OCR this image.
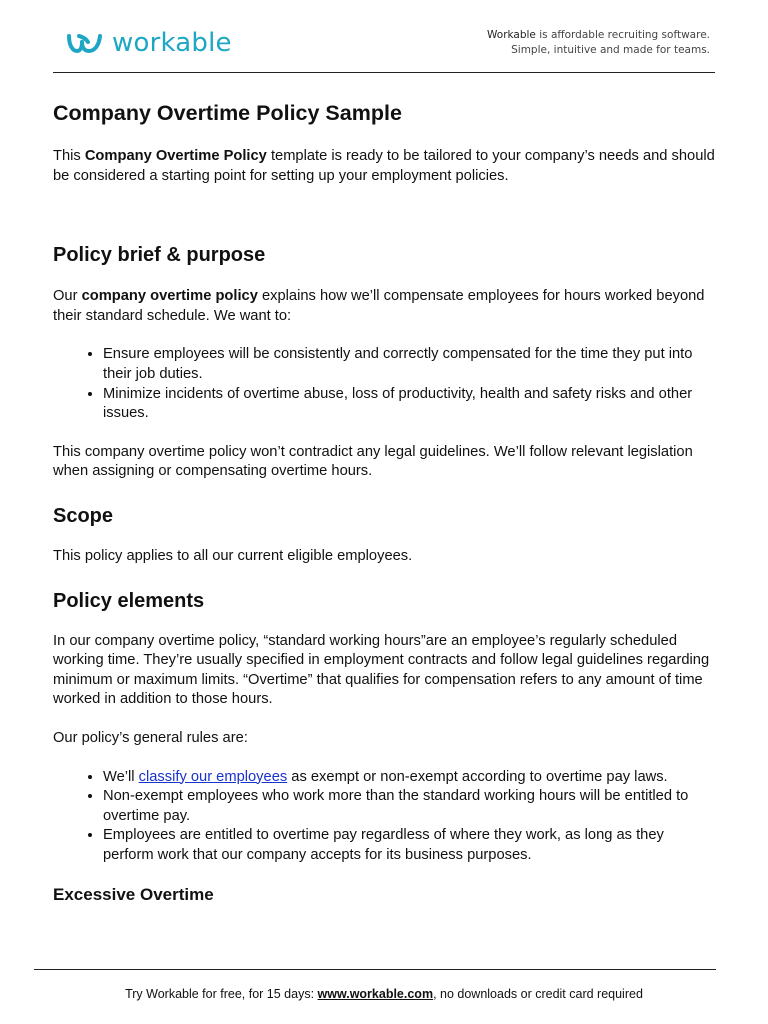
workable	Workable is affordable recruiting software.
Simple, intuitive and made for teams.
Company Overtime Policy Sample

This Company Overtime Policy template is ready to be tailored to your company’s needs and should be considered a starting point for setting up your employment policies.

Policy brief & purpose

Our company overtime policy explains how we’ll compensate employees for hours worked beyond their standard schedule. We want to:

• Ensure employees will be consistently and correctly compensated for the time they put into their job duties.
• Minimize incidents of overtime abuse, loss of productivity, health and safety risks and other issues.

This company overtime policy won’t contradict any legal guidelines. We’ll follow relevant legislation when assigning or compensating overtime hours.

Scope

This policy applies to all our current eligible employees.

Policy elements

In our company overtime policy, “standard working hours”are an employee’s regularly scheduled working time. They’re usually specified in employment contracts and follow legal guidelines regarding minimum or maximum limits. “Overtime” that qualifies for compensation refers to any amount of time worked in addition to those hours.

Our policy’s general rules are:

• We’ll classify our employees as exempt or non-exempt according to overtime pay laws.
• Non-exempt employees who work more than the standard working hours will be entitled to overtime pay.
• Employees are entitled to overtime pay regardless of where they work, as long as they perform work that our company accepts for its business purposes.
Excessive Overtime
Try Workable for free, for 15 days: www.workable.com, no downloads or credit card required
